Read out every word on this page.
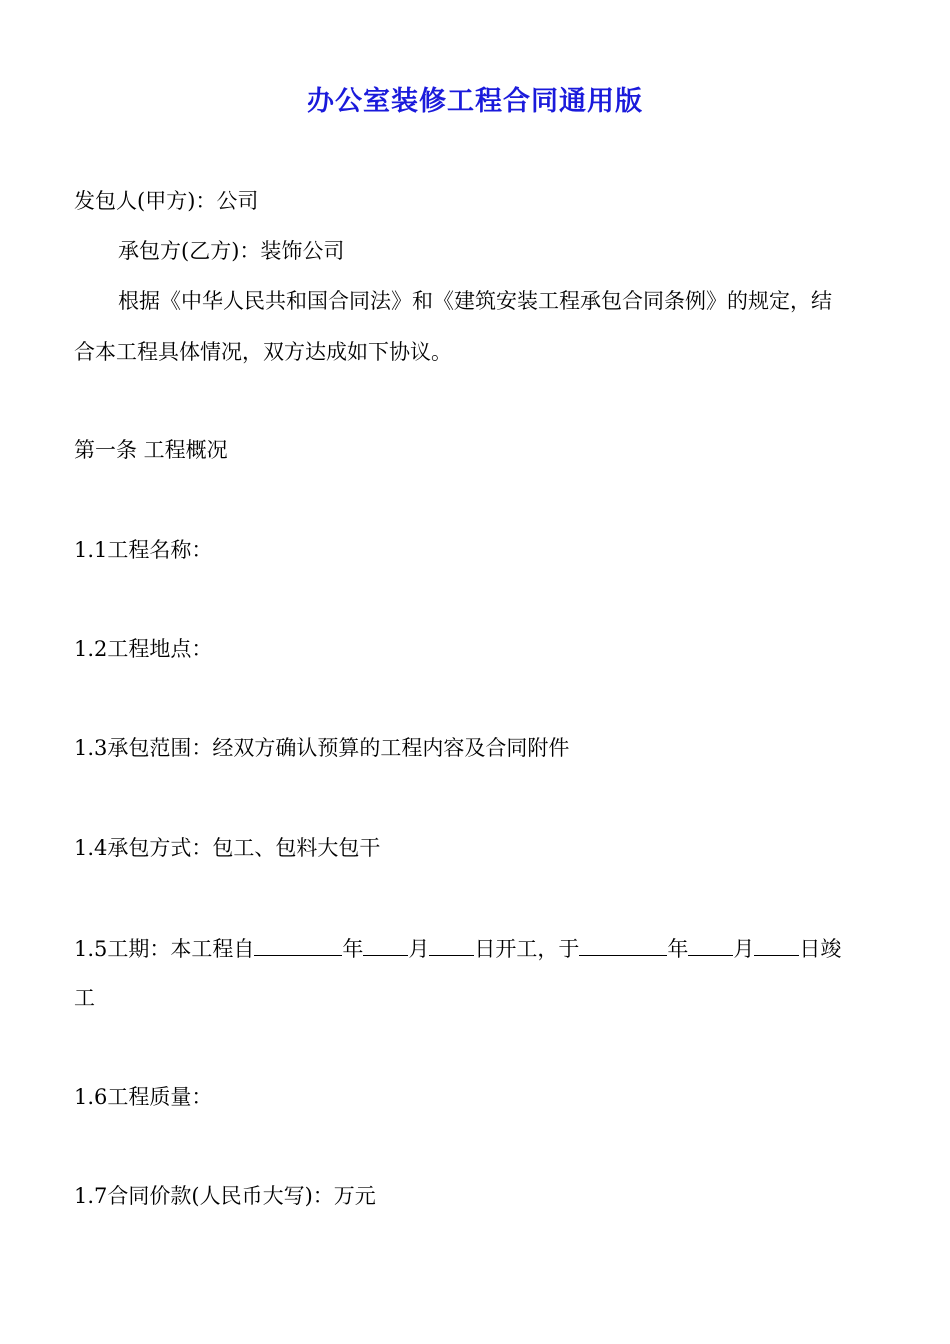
办公室装修工程合同通用版
发包人(甲方)：公司
承包方(乙方)：装饰公司
根据《中华人民共和国合同法》和《建筑安装工程承包合同条例》的规定，结
合本工程具体情况，双方达成如下协议。
第一条 工程概况
1.1工程名称：
1.2工程地点：
1.3承包范围：经双方确认预算的工程内容及合同附件
1.4承包方式：包工、包料大包干
1.5工期：本工程自	年 月 日开工，于	年 月 日竣
工
1.6工程质量：
1.7合同价款(人民币大写)：万元
